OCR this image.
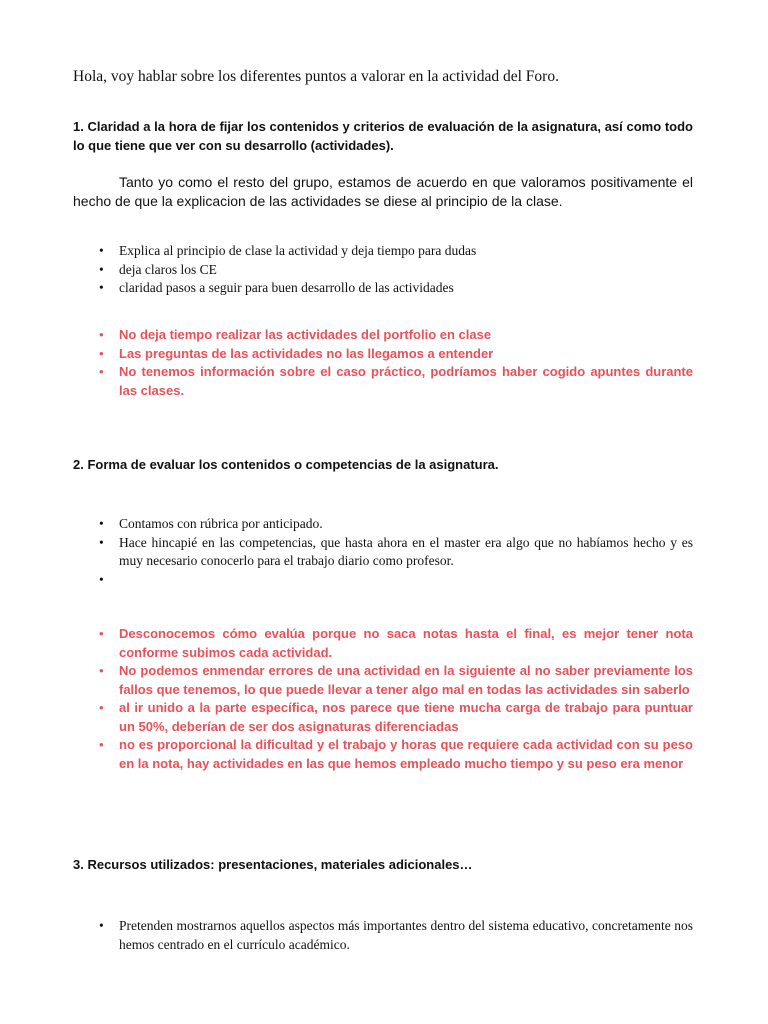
Hola, voy hablar sobre los diferentes puntos a valorar en la actividad del Foro.
1. Claridad a la hora de fijar los contenidos y criterios de evaluación de la asignatura, así como todo lo que tiene que ver con su desarrollo (actividades).
Tanto yo como el resto del grupo, estamos de acuerdo en que valoramos positivamente el hecho de que la explicacion de las actividades se diese al principio de la clase.
• Explica al principio de clase la actividad y deja tiempo para dudas
• deja claros los CE
• claridad pasos a seguir para buen desarrollo de las actividades
• No deja tiempo realizar las actividades del portfolio en clase
• Las preguntas de las actividades no las llegamos a entender
• No tenemos información sobre el caso práctico, podríamos haber cogido apuntes durante las clases.
2. Forma de evaluar los contenidos o competencias de la asignatura.
• Contamos con rúbrica por anticipado.
• Hace hincapié en las competencias, que hasta ahora en el master era algo que no habíamos hecho y es muy necesario conocerlo para el trabajo diario como profesor.
•

• Desconocemos cómo evalúa porque no saca notas hasta el final, es mejor tener nota conforme subimos cada actividad.
• No podemos enmendar errores de una actividad en la siguiente al no saber previamente los fallos que tenemos, lo que puede llevar a tener algo mal en todas las actividades sin saberlo
• al ir unido a la parte específica, nos parece que tiene mucha carga de trabajo para puntuar un 50%, deberían de ser dos asignaturas diferenciadas
• no es proporcional la dificultad y el trabajo y horas que requiere cada actividad con su peso en la nota, hay actividades en las que hemos empleado mucho tiempo y su peso era menor
3. Recursos utilizados: presentaciones, materiales adicionales…
• Pretenden mostrarnos aquellos aspectos más importantes dentro del sistema educativo, concretamente nos hemos centrado en el currículo académico.
